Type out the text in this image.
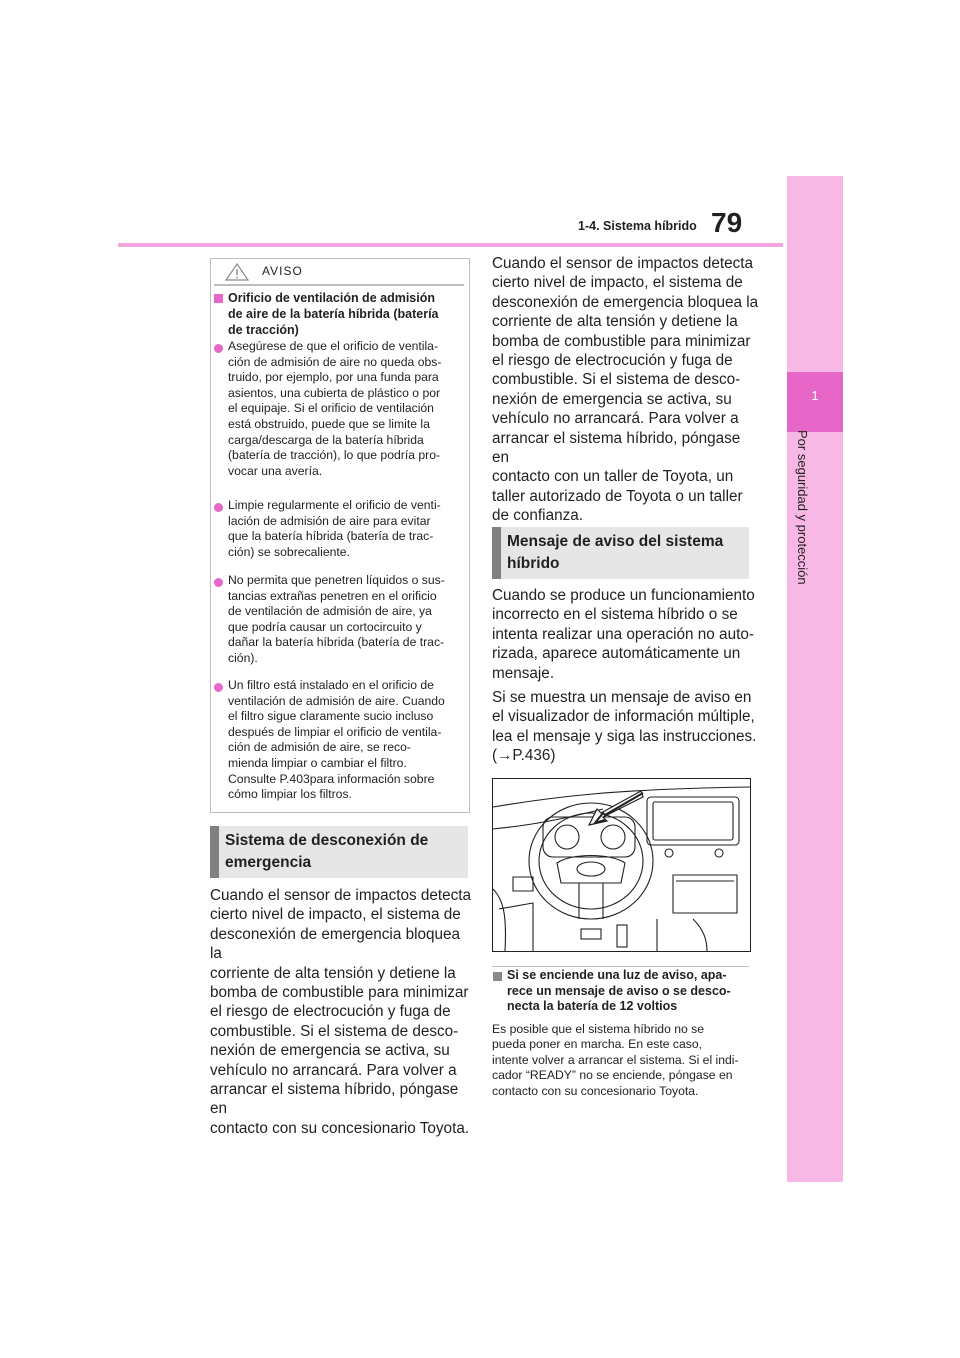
1
Por seguridad y protección
1-4. Sistema híbrido 79
AVISO
Orificio de ventilación de admisión
de aire de la batería híbrida (batería
de tracción)
Asegúrese de que el orificio de ventila-
ción de admisión de aire no queda obs-
truido, por ejemplo, por una funda para
asientos, una cubierta de plástico o por
el equipaje. Si el orificio de ventilación
está obstruido, puede que se limite la
carga/descarga de la batería híbrida
(batería de tracción), lo que podría pro-
vocar una avería.
Limpie regularmente el orificio de venti-
lación de admisión de aire para evitar
que la batería híbrida (batería de trac-
ción) se sobrecaliente.
No permita que penetren líquidos o sus-
tancias extrañas penetren en el orificio
de ventilación de admisión de aire, ya
que podría causar un cortocircuito y
dañar la batería híbrida (batería de trac-
ción).
Un filtro está instalado en el orificio de
ventilación de admisión de aire. Cuando
el filtro sigue claramente sucio incluso
después de limpiar el orificio de ventila-
ción de admisión de aire, se reco-
mienda limpiar o cambiar el filtro.
Consulte P.403para información sobre
cómo limpiar los filtros.
Sistema de desconexión de
emergencia
Cuando el sensor de impactos detecta
cierto nivel de impacto, el sistema de
desconexión de emergencia bloquea la
corriente de alta tensión y detiene la
bomba de combustible para minimizar
el riesgo de electrocución y fuga de
combustible. Si el sistema de desco-
nexión de emergencia se activa, su
vehículo no arrancará. Para volver a
arrancar el sistema híbrido, póngase en
contacto con su concesionario Toyota.
Cuando el sensor de impactos detecta
cierto nivel de impacto, el sistema de
desconexión de emergencia bloquea la
corriente de alta tensión y detiene la
bomba de combustible para minimizar
el riesgo de electrocución y fuga de
combustible. Si el sistema de desco-
nexión de emergencia se activa, su
vehículo no arrancará. Para volver a
arrancar el sistema híbrido, póngase en
contacto con un taller de Toyota, un
taller autorizado de Toyota o un taller
de confianza.
Mensaje de aviso del sistema
híbrido
Cuando se produce un funcionamiento
incorrecto en el sistema híbrido o se
intenta realizar una operación no auto-
rizada, aparece automáticamente un
mensaje.
Si se muestra un mensaje de aviso en
el visualizador de información múltiple,
lea el mensaje y siga las instrucciones.
(→P.436)
Si se enciende una luz de aviso, apa-
rece un mensaje de aviso o se desco-
necta la batería de 12 voltios
Es posible que el sistema híbrido no se
pueda poner en marcha. En este caso,
intente volver a arrancar el sistema. Si el indi-
cador “READY” no se enciende, póngase en
contacto con su concesionario Toyota.
